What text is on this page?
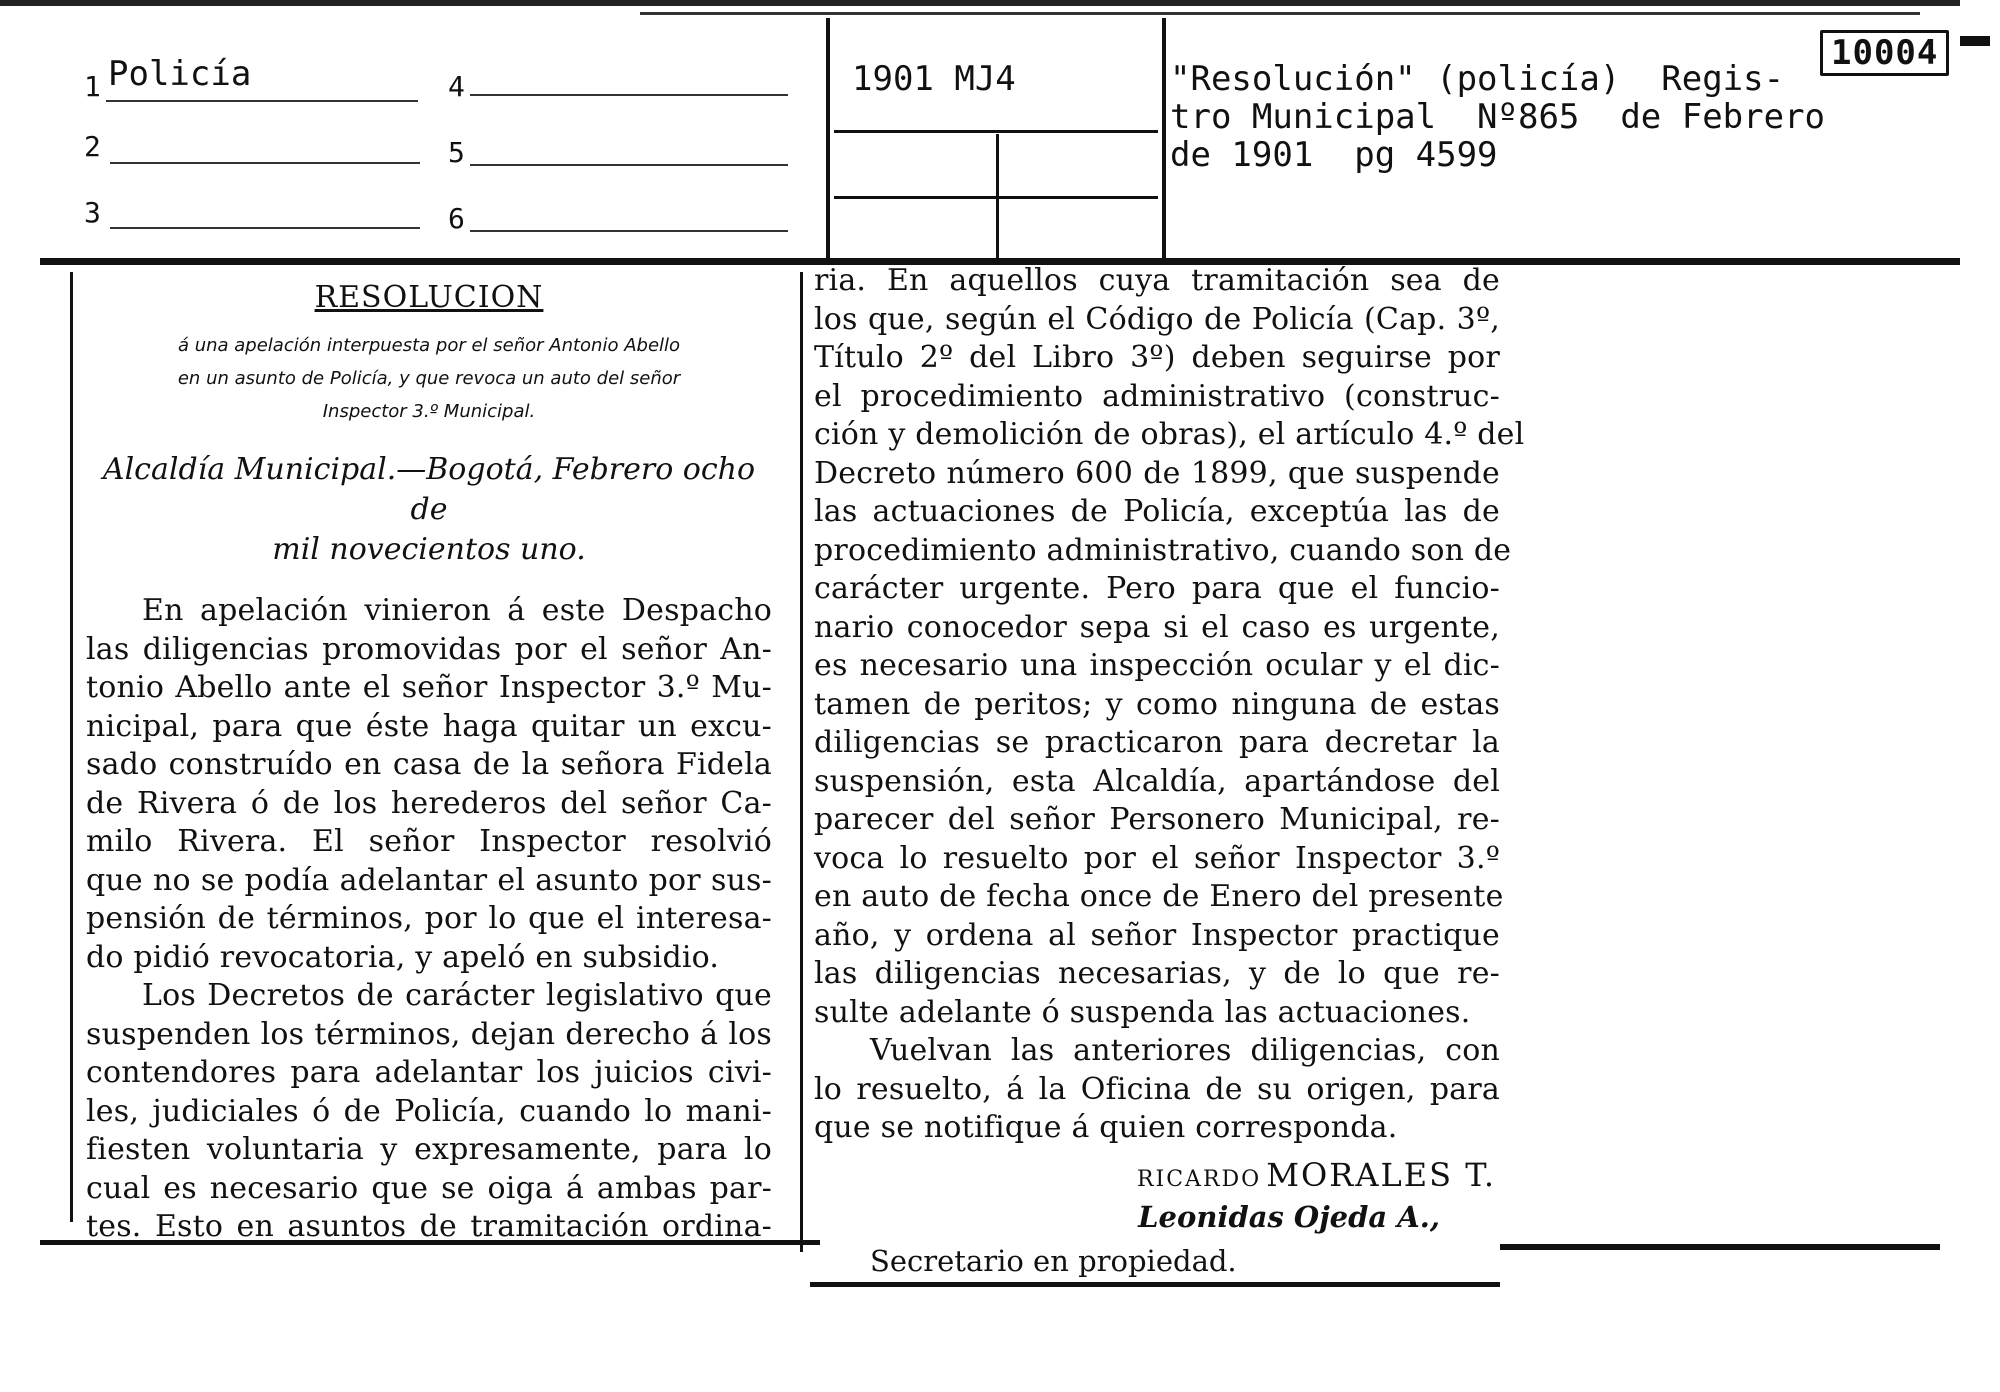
1 Policía
2
3
4
5
6
1901 MJ4	"Resolución" (policía)  Regis-
tro Municipal  Nº865  de Febrero
de 1901  pg 4599
10004
RESOLUCION
á una apelación interpuesta por el señor Antonio Abello
en un asunto de Policía, y que revoca un auto del señor
Inspector 3.º Municipal.
Alcaldía Municipal.—Bogotá, Febrero ocho de
mil novecientos uno.
En apelación vinieron á este Despacho
las diligencias promovidas por el señor An-
tonio Abello ante el señor Inspector 3.º Mu-
nicipal, para que éste haga quitar un excu-
sado construído en casa de la señora Fidela
de Rivera ó de los herederos del señor Ca-
milo Rivera. El señor Inspector resolvió
que no se podía adelantar el asunto por sus-
pensión de términos, por lo que el interesa-
do pidió revocatoria, y apeló en subsidio.
Los Decretos de carácter legislativo que
suspenden los términos, dejan derecho á los
contendores para adelantar los juicios civi-
les, judiciales ó de Policía, cuando lo mani-
fiesten voluntaria y expresamente, para lo
cual es necesario que se oiga á ambas par-
tes. Esto en asuntos de tramitación ordina-
ria. En aquellos cuya tramitación sea de
los que, según el Código de Policía (Cap. 3º,
Título 2º del Libro 3º) deben seguirse por
el procedimiento administrativo (construc-
ción y demolición de obras), el artículo 4.º del
Decreto número 600 de 1899, que suspende
las actuaciones de Policía, exceptúa las de
procedimiento administrativo, cuando son de
carácter urgente. Pero para que el funcio-
nario conocedor sepa si el caso es urgente,
es necesario una inspección ocular y el dic-
tamen de peritos; y como ninguna de estas
diligencias se practicaron para decretar la
suspensión, esta Alcaldía, apartándose del
parecer del señor Personero Municipal, re-
voca lo resuelto por el señor Inspector 3.º
en auto de fecha once de Enero del presente
año, y ordena al señor Inspector practique
las diligencias necesarias, y de lo que re-
sulte adelante ó suspenda las actuaciones.
Vuelvan las anteriores diligencias, con
lo resuelto, á la Oficina de su origen, para
que se notifique á quien corresponda.
RICARDO MORALES T.
Leonidas Ojeda A.,
Secretario en propiedad.
